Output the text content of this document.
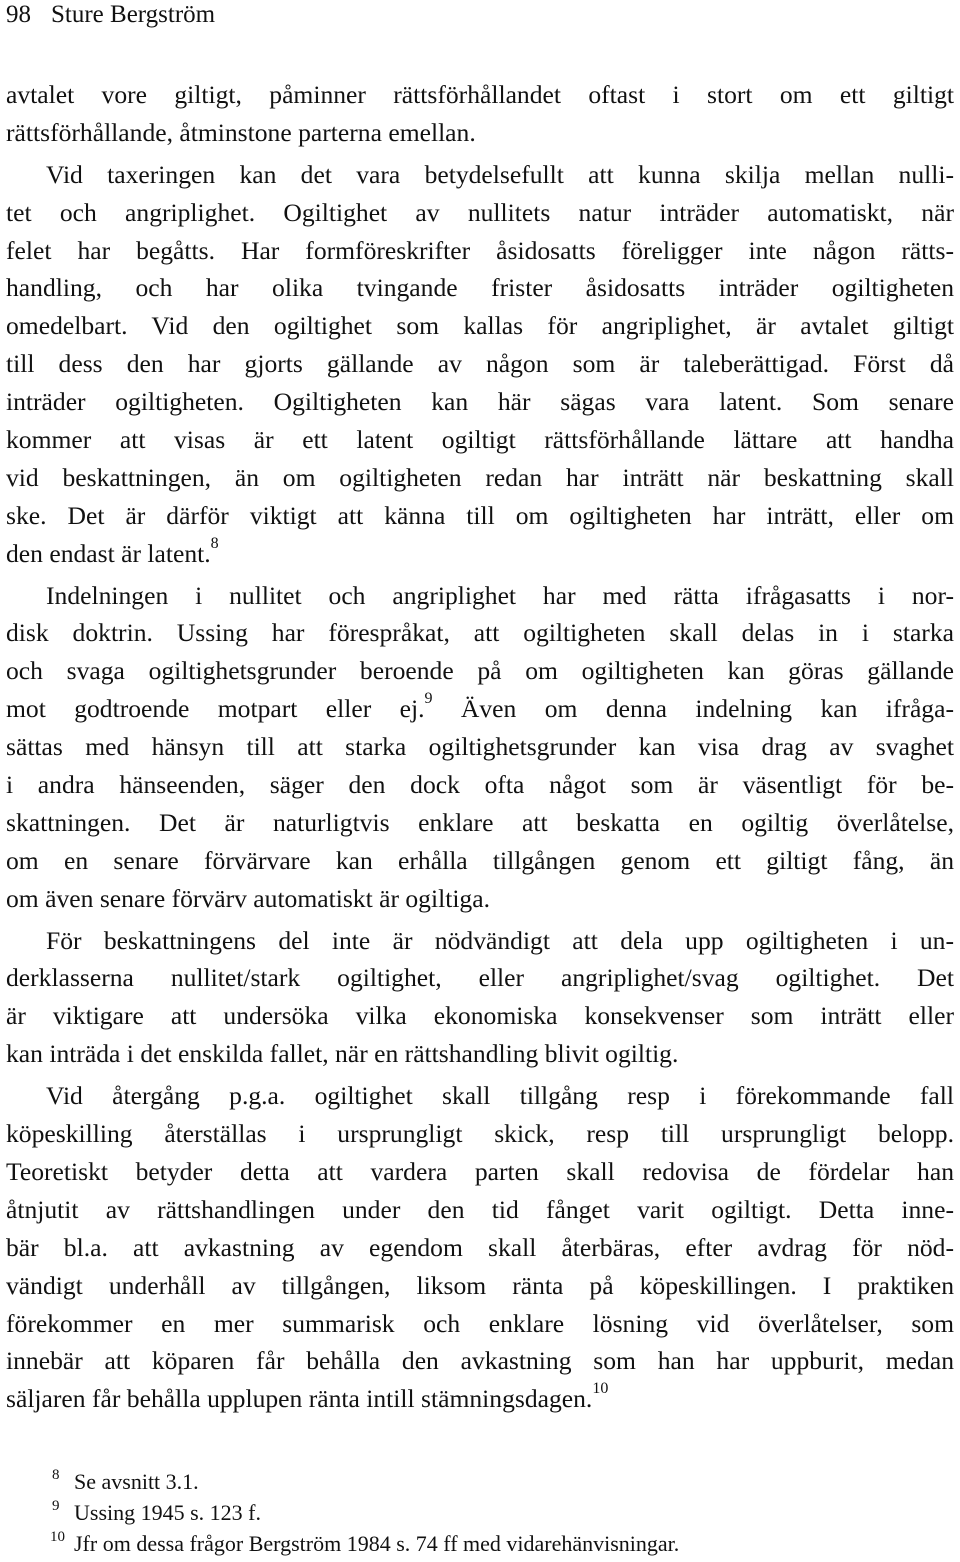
98 Sture Bergström
avtalet vore giltigt, påminner rättsförhållandet oftast i stort om ett giltigt
rättsförhållande, åtminstone parterna emellan.
Vid taxeringen kan det vara betydelsefullt att kunna skilja mellan nulli-
tet och angriplighet. Ogiltighet av nullitets natur inträder automatiskt, när
felet har begåtts. Har formföreskrifter åsidosatts föreligger inte någon rätts-
handling, och har olika tvingande frister åsidosatts inträder ogiltigheten
omedelbart. Vid den ogiltighet som kallas för angriplighet, är avtalet giltigt
till dess den har gjorts gällande av någon som är taleberättigad. Först då
inträder ogiltigheten. Ogiltigheten kan här sägas vara latent. Som senare
kommer att visas är ett latent ogiltigt rättsförhållande lättare att handha
vid beskattningen, än om ogiltigheten redan har inträtt när beskattning skall
ske. Det är därför viktigt att känna till om ogiltigheten har inträtt, eller om
den endast är latent.$^8$
Indelningen i nullitet och angriplighet har med rätta ifrågasatts i nor-
disk doktrin. Ussing har förespråkat, att ogiltigheten skall delas in i starka
och svaga ogiltighetsgrunder beroende på om ogiltigheten kan göras gällande
mot godtroende motpart eller ej.$^9$ Även om denna indelning kan ifråga-
sättas med hänsyn till att starka ogiltighetsgrunder kan visa drag av svaghet
i andra hänseenden, säger den dock ofta något som är väsentligt för be-
skattningen. Det är naturligtvis enklare att beskatta en ogiltig överlåtelse,
om en senare förvärvare kan erhålla tillgången genom ett giltigt fång, än
om även senare förvärv automatiskt är ogiltiga.
För beskattningens del inte är nödvändigt att dela upp ogiltigheten i un-
derklasserna nullitet/stark ogiltighet, eller angriplighet/svag ogiltighet. Det
är viktigare att undersöka vilka ekonomiska konsekvenser som inträtt eller
kan inträda i det enskilda fallet, när en rättshandling blivit ogiltig.
Vid återgång p.g.a. ogiltighet skall tillgång resp i förekommande fall
köpeskilling återställas i ursprungligt skick, resp till ursprungligt belopp.
Teoretiskt betyder detta att vardera parten skall redovisa de fördelar han
åtnjutit av rättshandlingen under den tid fånget varit ogiltigt. Detta inne-
bär bl.a. att avkastning av egendom skall återbäras, efter avdrag för nöd-
vändigt underhåll av tillgången, liksom ränta på köpeskillingen. I praktiken
förekommer en mer summarisk och enklare lösning vid överlåtelser, som
innebär att köparen får behålla den avkastning som han har uppburit, medan
säljaren får behålla upplupen ränta intill stämningsdagen.$^{10}$
8 Se avsnitt 3.1.
9 Ussing 1945 s. 123 f.
10 Jfr om dessa frågor Bergström 1984 s. 74 ff med vidarehänvisningar.
